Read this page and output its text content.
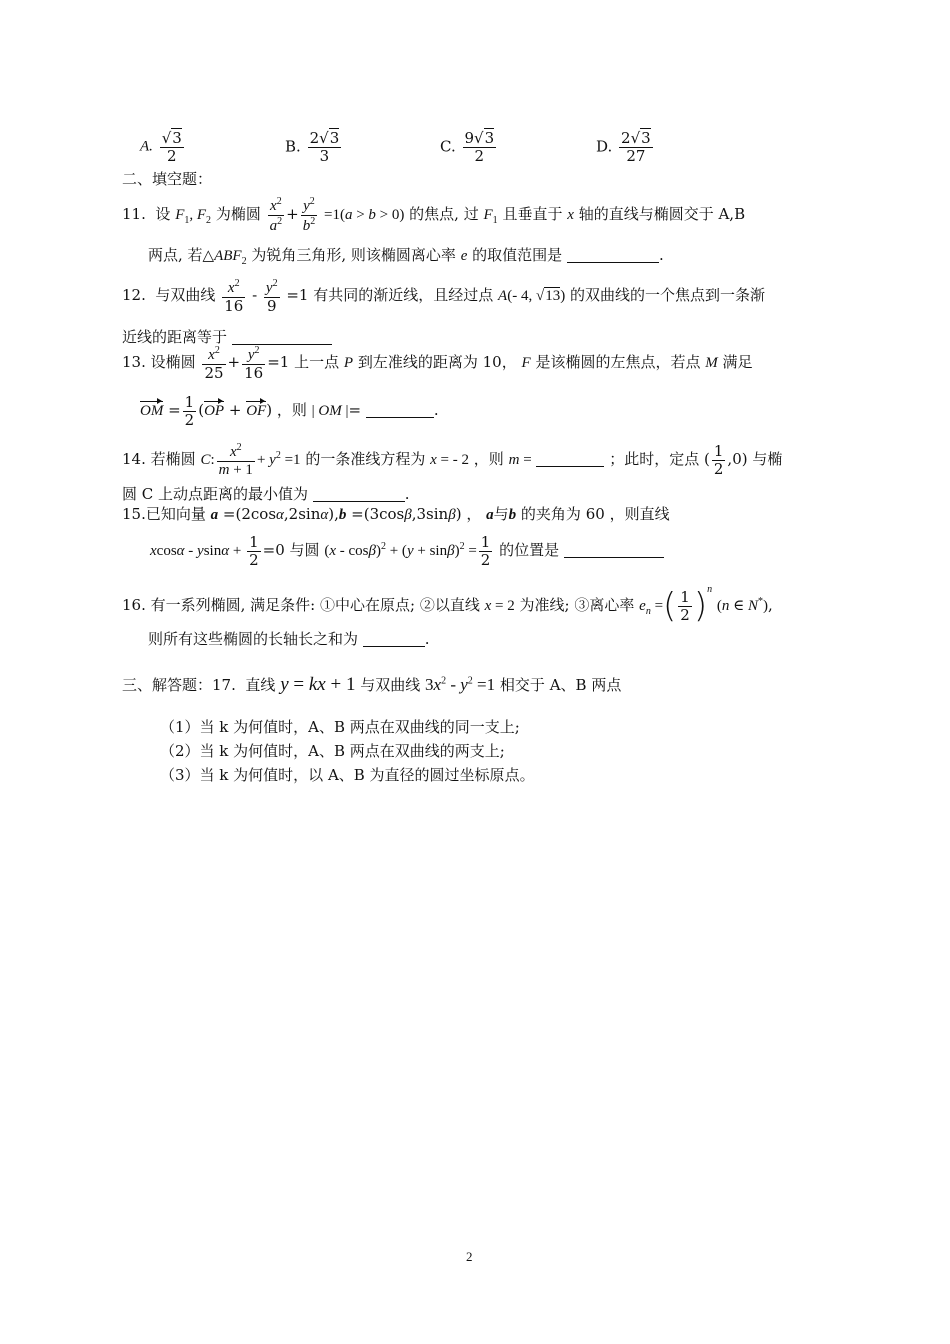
A. $\frac{√3}{2}$	B. $\frac{2√3}{3}$	C. $\frac{9√3}{2}$	D. $\frac{2√3}{27}$
二、填空题：
11. 设 $F_1$, $F_2$ 为椭圆 $\frac{x^2}{a^2} + \frac{y^2}{b^2} =1(a > b > 0)$ 的焦点, 过 $F_1$ 且垂直于 x 轴的直线与椭圆交于 A,B
两点, 若$\triangle ABF_2$ 为锐角三角形, 则该椭圆离心率 e 的取值范围是	.
12. 与双曲线 $\frac{x^2}{16} - \frac{y^2}{9} =1$ 有共同的渐近线，且经过点 A(- 4, √13) 的双曲线的一个焦点到一条渐
近线的距离等于
13. 设椭圆 $\frac{x^2}{25} + \frac{y^2}{16} =1$ 上一点 P 到左准线的距离为 10， F 是该椭圆的左焦点，若点 M 满足
OM = $\frac{1}{2} (OP + OF)$ ，则 | OM |=	.
14. 若椭圆 C: $\frac{x^2}{m + 1} + y^2 =1$ 的一条准线方程为 x = - 2 ，则 m =	；此时，定点 ( $\frac{1}{2} ,0$) 与椭
圆 C 上动点距离的最小值为	.
15.已知向量 a =(2cosα,2sinα),b =(3cosβ,3sinβ) ， a与b 的夹角为 60 ，则直线
$xcos\alpha - ysin\alpha + \frac{1}{2} =0$ 与圆 $(x - \cos\beta)^2 + (y + \sin\beta)^2 = \frac{1}{2}$ 的位置是
16. 有一系列椭圆, 满足条件: ①中心在原点; ②以直线 x = 2 为准线; ③离心率 $e_n$ =( $\frac{1}{2} )^n$ (n ∈ N*),
则所有这些椭圆的长轴长之和为	.
三、解答题：17. 直线 y = kx + 1 与双曲线 $3x^2 - y^2 =1$ 相交于 A、B 两点
（1）当 k 为何值时，A、B 两点在双曲线的同一支上;
（2）当 k 为何值时，A、B 两点在双曲线的两支上;
（3）当 k 为何值时，以 A、B 为直径的圆过坐标原点。
2
